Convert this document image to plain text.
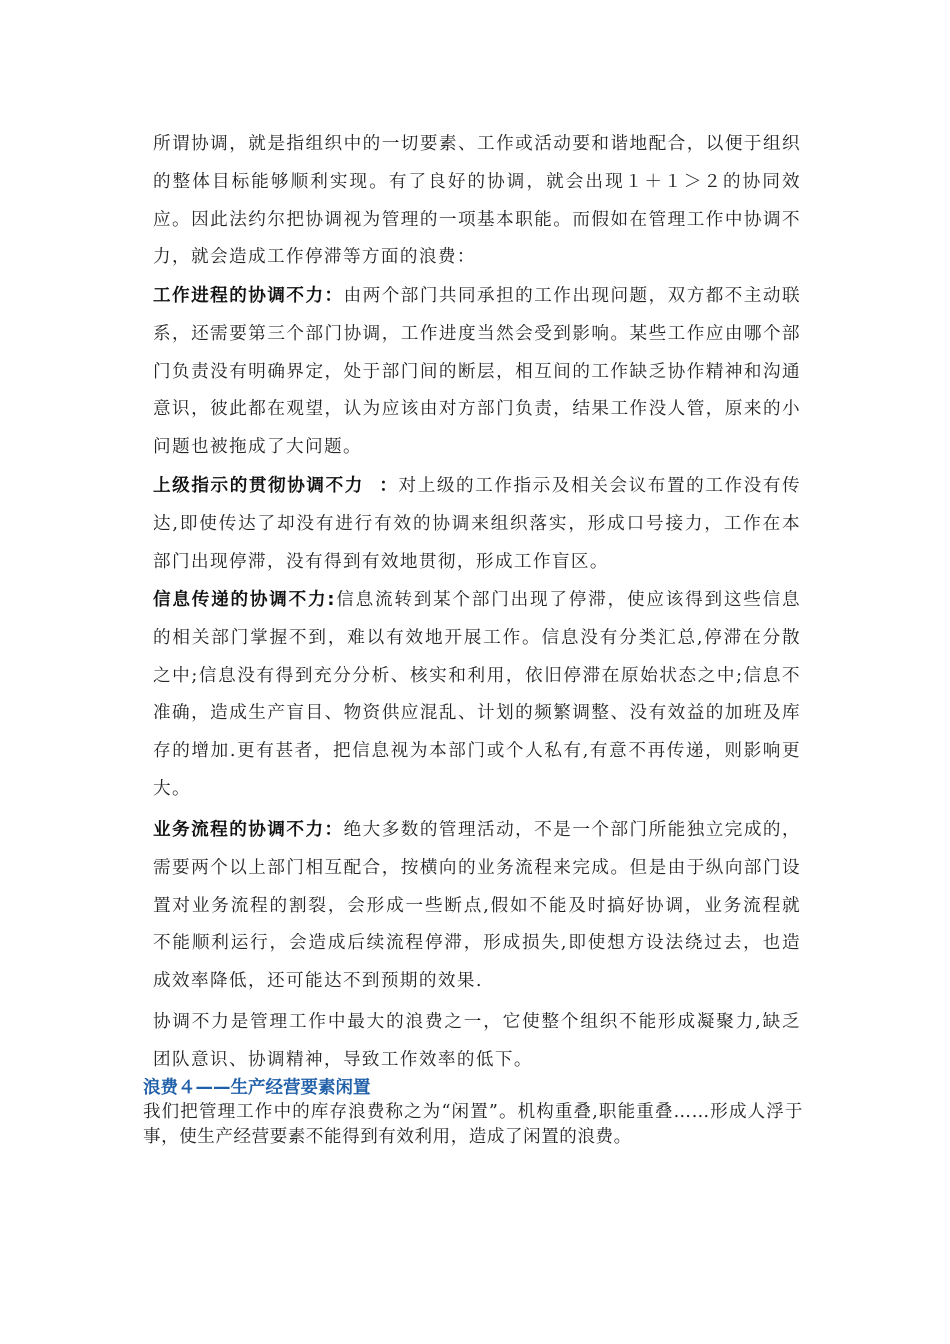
所谓协调，就是指组织中的一切要素、工作或活动要和谐地配合，以便于组织的整体目标能够顺利实现。有了良好的协调，就会出现１＋１＞２的协同效应。因此法约尔把协调视为管理的一项基本职能。而假如在管理工作中协调不力，就会造成工作停滞等方面的浪费：

工作进程的协调不力：由两个部门共同承担的工作出现问题，双方都不主动联系，还需要第三个部门协调，工作进度当然会受到影响。某些工作应由哪个部门负责没有明确界定，处于部门间的断层，相互间的工作缺乏协作精神和沟通意识，彼此都在观望，认为应该由对方部门负责，结果工作没人管，原来的小问题也被拖成了大问题。

上级指示的贯彻协调不力  ：对上级的工作指示及相关会议布置的工作没有传达,即使传达了却没有进行有效的协调来组织落实，形成口号接力，工作在本部门出现停滞，没有得到有效地贯彻，形成工作盲区。

信息传递的协调不力:信息流转到某个部门出现了停滞，使应该得到这些信息的相关部门掌握不到，难以有效地开展工作。信息没有分类汇总,停滞在分散之中;信息没有得到充分分析、核实和利用，依旧停滞在原始状态之中;信息不准确，造成生产盲目、物资供应混乱、计划的频繁调整、没有效益的加班及库存的增加.更有甚者，把信息视为本部门或个人私有,有意不再传递，则影响更大。

业务流程的协调不力：绝大多数的管理活动，不是一个部门所能独立完成的，需要两个以上部门相互配合，按横向的业务流程来完成。但是由于纵向部门设置对业务流程的割裂，会形成一些断点,假如不能及时搞好协调，业务流程就不能顺利运行，会造成后续流程停滞，形成损失,即使想方设法绕过去，也造成效率降低，还可能达不到预期的效果.

协调不力是管理工作中最大的浪费之一，它使整个组织不能形成凝聚力,缺乏团队意识、协调精神，导致工作效率的低下。

浪费４——生产经营要素闲置

我们把管理工作中的库存浪费称之为“闲置”。机构重叠,职能重叠……形成人浮于事，使生产经营要素不能得到有效利用，造成了闲置的浪费。
